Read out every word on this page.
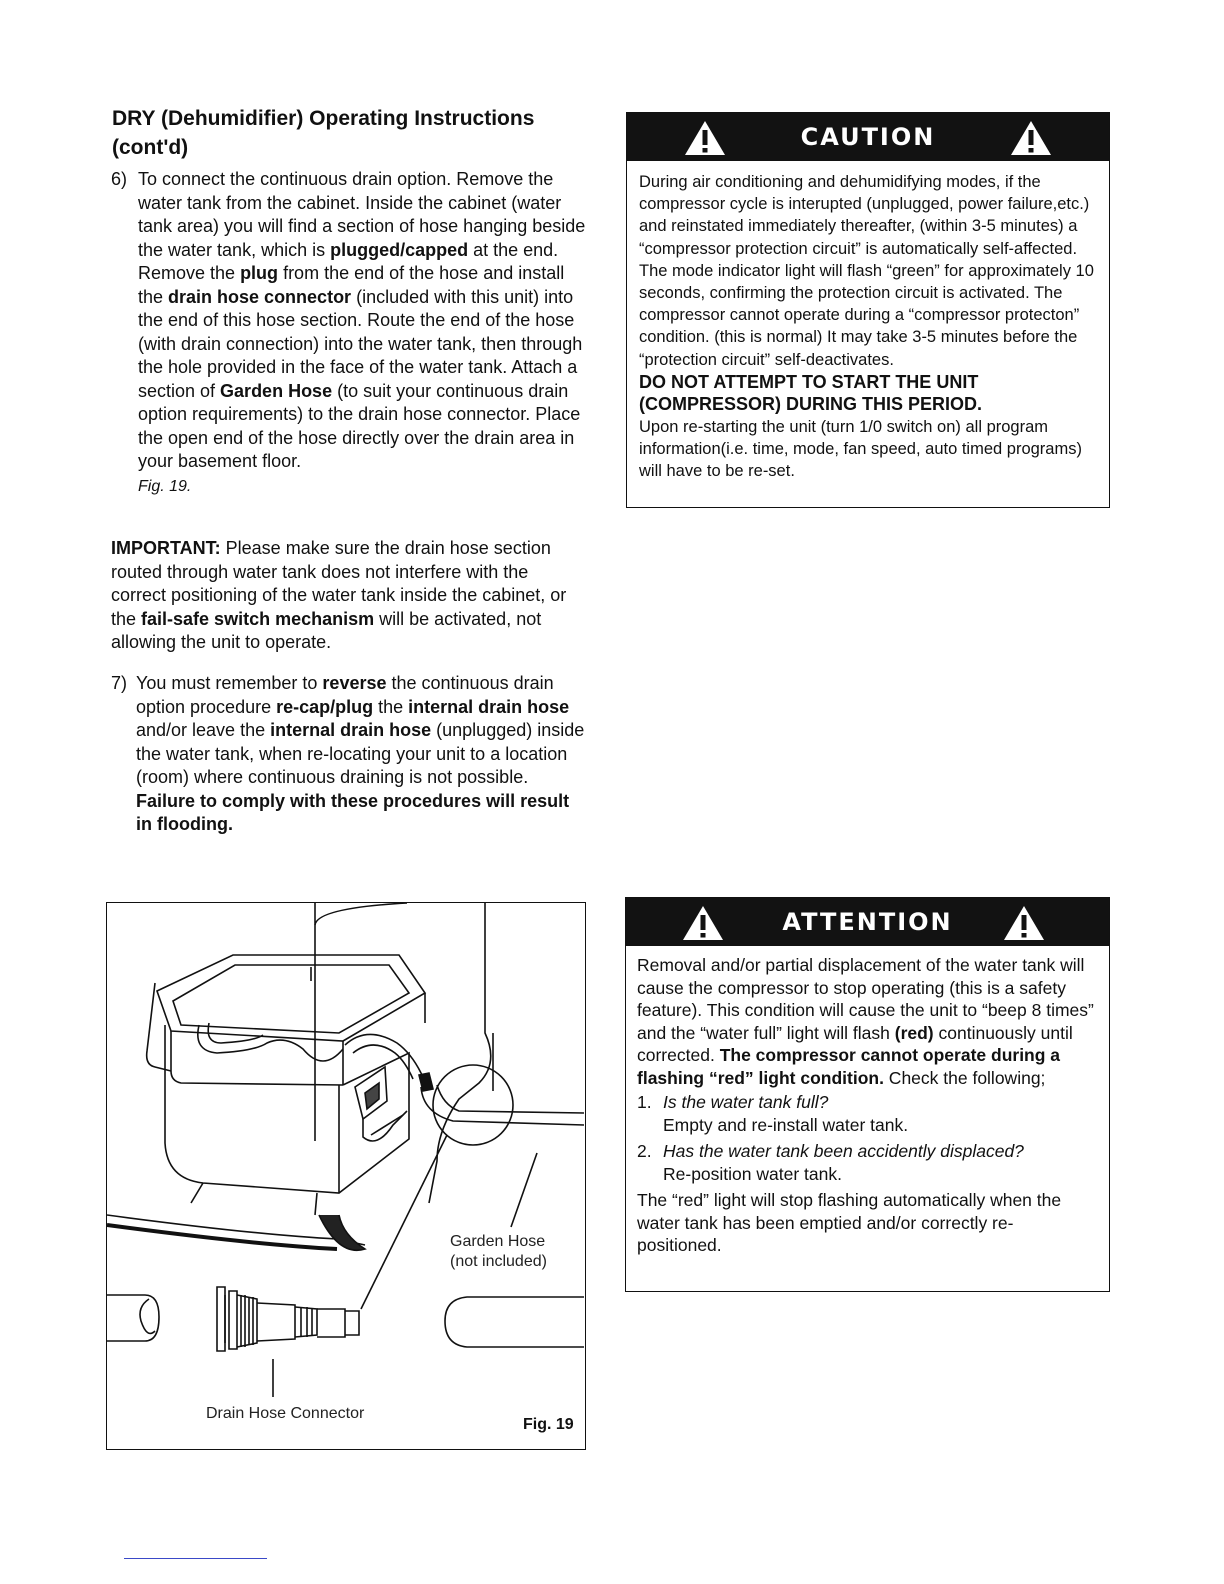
DRY (Dehumidifier) Operating Instructions
(cont'd)
6) To connect the continuous drain option. Remove the water tank from the cabinet. Inside the cabinet (water tank area) you will find a section of hose hanging beside the water tank, which is plugged/capped at the end. Remove the plug from the end of the hose and install the drain hose connector (included with this unit) into the end of this hose section. Route the end of the hose (with drain connection) into the water tank, then through the hole provided in the face of the water tank. Attach a section of Garden Hose (to suit your continuous drain option requirements) to the drain hose connector. Place the open end of the hose directly over the drain area in your basement floor.
Fig. 19.
IMPORTANT: Please make sure the drain hose section routed through water tank does not interfere with the correct positioning of the water tank inside the cabinet, or the fail-safe switch mechanism will be activated, not allowing the unit to operate.
7) You must remember to reverse the continuous drain option procedure re-cap/plug the internal drain hose and/or leave the internal drain hose (unplugged) inside the water tank, when re-locating your unit to a location (room) where continuous draining is not possible. Failure to comply with these procedures will result
in flooding.
CAUTION

During air conditioning and dehumidifying modes, if the compressor cycle is interupted (unplugged, power failure,etc.) and reinstated immediately thereafter, (within 3-5 minutes) a “compressor protection circuit” is automatically self-affected. The mode indicator light will flash “green” for approximately 10 seconds, confirming the protection circuit is activated. The compressor cannot operate during a “compressor protecton” condition. (this is normal) It may take 3-5 minutes before the “protection circuit” self-deactivates.

DO NOT ATTEMPT TO START THE UNIT (COMPRESSOR) DURING THIS PERIOD.

Upon re-starting the unit (turn 1/0 switch on) all program information(i.e. time, mode, fan speed, auto timed programs) will have to be re-set.

ATTENTION

Removal and/or partial displacement of the water tank will cause the compressor to stop operating (this is a safety feature). This condition will cause the unit to “beep 8 times” and the “water full” light will flash (red) continuously until corrected. The compressor cannot operate during a flashing “red” light condition. Check the following;

1. Is the water tank full?
Empty and re-install water tank.
2. Has the water tank been accidently displaced?
Re-position water tank.

The “red” light will stop flashing automatically when the water tank has been emptied and/or correctly re-positioned.

Garden Hose
(not included)
Drain Hose Connector
Fig. 19
